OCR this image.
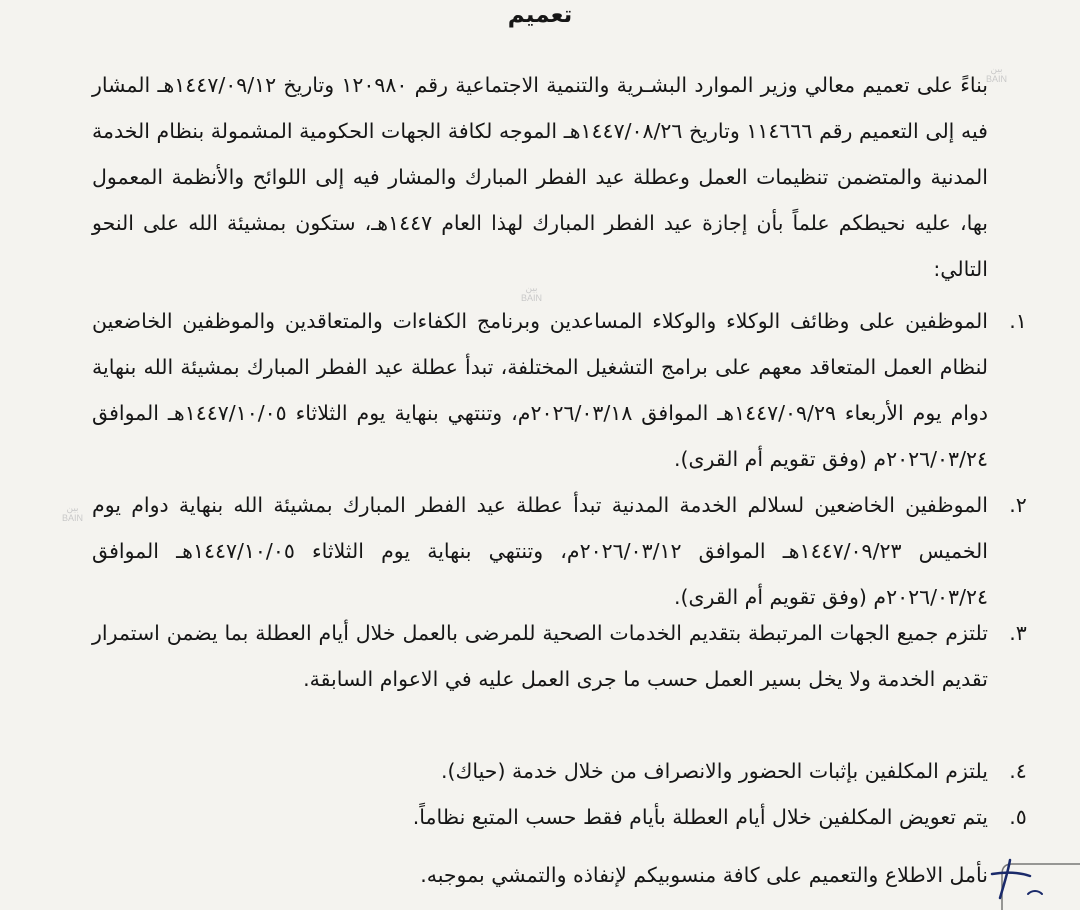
تعميم
بناءً على تعميم معالي وزير الموارد البشـرية والتنمية الاجتماعية رقم ١٢٠٩٨٠ وتاريخ ١٤٤٧/٠٩/١٢هـ المشار فيه إلى التعميم رقم ١١٤٦٦٦ وتاريخ ١٤٤٧/٠٨/٢٦هـ الموجه لكافة الجهات الحكومية المشمولة بنظام الخدمة المدنية والمتضمن تنظيمات العمل وعطلة عيد الفطر المبارك والمشار فيه إلى اللوائح والأنظمة المعمول بها، عليه نحيطكم علماً بأن إجازة عيد الفطر المبارك لهذا العام ١٤٤٧هـ، ستكون بمشيئة الله على النحو التالي:
١.
الموظفين على وظائف الوكلاء والوكلاء المساعدين وبرنامج الكفاءات والمتعاقدين والموظفين الخاضعين لنظام العمل المتعاقد معهم على برامج التشغيل المختلفة، تبدأ عطلة عيد الفطر المبارك بمشيئة الله بنهاية دوام يوم الأربعاء ١٤٤٧/٠٩/٢٩هـ الموافق ٢٠٢٦/٠٣/١٨م، وتنتهي بنهاية يوم الثلاثاء ١٤٤٧/١٠/٠٥هـ الموافق ٢٠٢٦/٠٣/٢٤م (وفق تقويم أم القرى).
٢.
الموظفين الخاضعين لسلالم الخدمة المدنية تبدأ عطلة عيد الفطر المبارك بمشيئة الله بنهاية دوام يوم الخميس ١٤٤٧/٠٩/٢٣هـ الموافق ٢٠٢٦/٠٣/١٢م، وتنتهي بنهاية يوم الثلاثاء ١٤٤٧/١٠/٠٥هـ الموافق ٢٠٢٦/٠٣/٢٤م (وفق تقويم أم القرى).
٣.
تلتزم جميع الجهات المرتبطة بتقديم الخدمات الصحية للمرضى بالعمل خلال أيام العطلة بما يضمن استمرار تقديم الخدمة ولا يخل بسير العمل حسب ما جرى العمل عليه في الاعوام السابقة.
٤.
يلتزم المكلفين بإثبات الحضور والانصراف من خلال خدمة (حياك).
٥.
يتم تعويض المكلفين خلال أيام العطلة بأيام فقط حسب المتبع نظاماً.
نأمل الاطلاع والتعميم على كافة منسوبيكم لإنفاذه والتمشي بموجبه.
بين
BAIN
بين
BAIN
بين
BAIN
